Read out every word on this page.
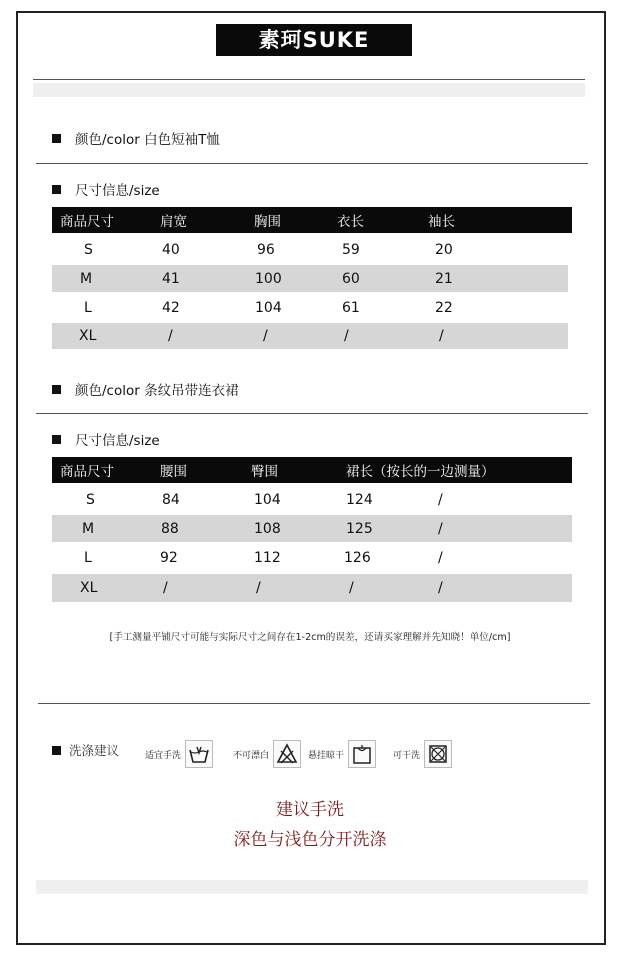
素珂SUKE
颜色/color 白色短袖T恤
尺寸信息/size
商品尺寸	肩宽	胸围	衣长	袖长
S	40	96	59	20
M	41	100	60	21
L	42	104	61	22
XL	/	/	/	/
颜色/color 条纹吊带连衣裙
尺寸信息/size
商品尺寸	腰围	臀围	裙长（按长的一边测量）
S	84	104	124	/
M	88	108	125	/
L	92	112	126	/
XL	/	/	/	/
[手工测量平铺尺寸可能与实际尺寸之间存在1-2cm的误差，还请买家理解并先知晓！单位/cm]
洗涤建议	适宜手洗	不可漂白	悬挂晾干	可干洗
建议手洗
深色与浅色分开洗涤
